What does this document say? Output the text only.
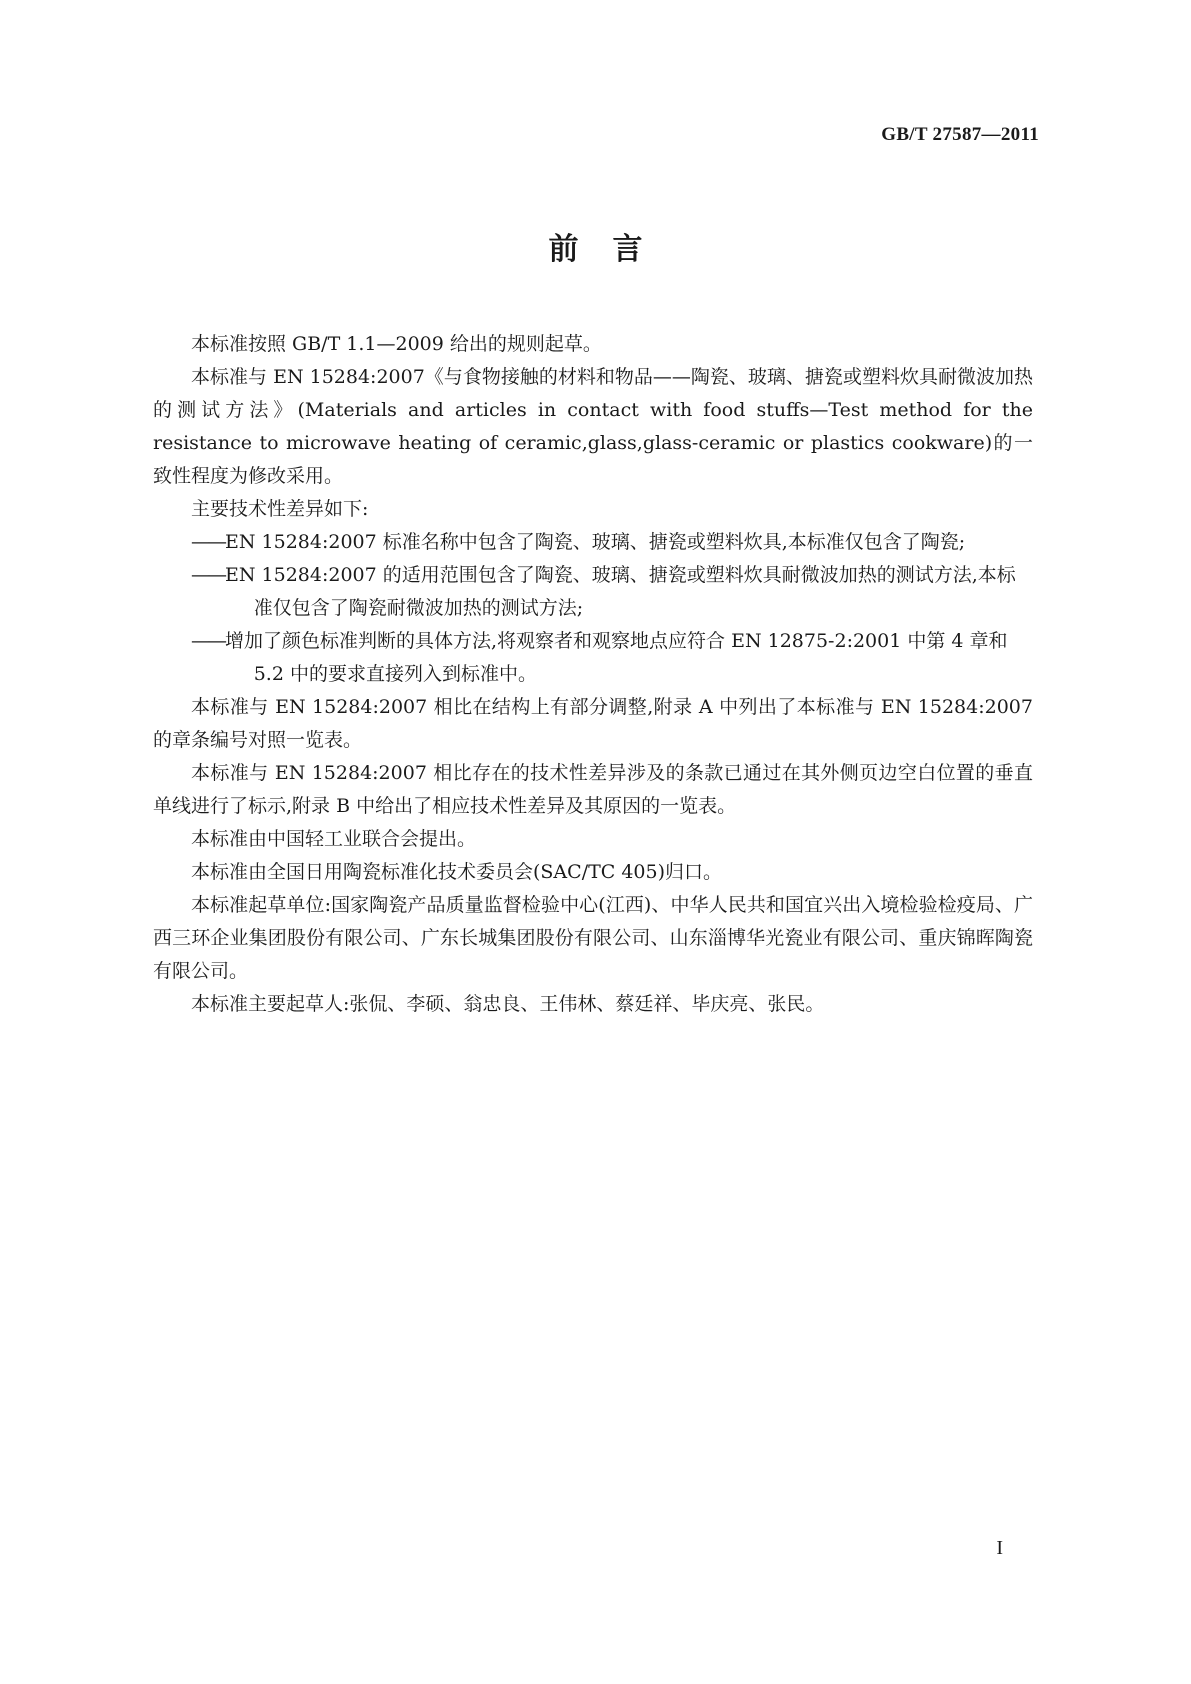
GB/T 27587—2011
前言

本标准按照 GB/T 1.1—2009 给出的规则起草。

本标准与 EN 15284:2007《与食物接触的材料和物品——陶瓷、玻璃、搪瓷或塑料炊具耐微波加热的测试方法》(Materials and articles in contact with food stuffs—Test method for the resistance to microwave heating of ceramic,glass,glass-ceramic or plastics cookware)的一致性程度为修改采用。

主要技术性差异如下:

——EN 15284:2007 标准名称中包含了陶瓷、玻璃、搪瓷或塑料炊具,本标准仅包含了陶瓷;

——EN 15284:2007 的适用范围包含了陶瓷、玻璃、搪瓷或塑料炊具耐微波加热的测试方法,本标
准仅包含了陶瓷耐微波加热的测试方法;

——增加了颜色标准判断的具体方法,将观察者和观察地点应符合 EN 12875-2:2001 中第 4 章和
5.2 中的要求直接列入到标准中。

本标准与 EN 15284:2007 相比在结构上有部分调整,附录 A 中列出了本标准与 EN 15284:2007 的章条编号对照一览表。

本标准与 EN 15284:2007 相比存在的技术性差异涉及的条款已通过在其外侧页边空白位置的垂直单线进行了标示,附录 B 中给出了相应技术性差异及其原因的一览表。

本标准由中国轻工业联合会提出。

本标准由全国日用陶瓷标准化技术委员会(SAC/TC 405)归口。

本标准起草单位:国家陶瓷产品质量监督检验中心(江西)、中华人民共和国宜兴出入境检验检疫局、广西三环企业集团股份有限公司、广东长城集团股份有限公司、山东淄博华光瓷业有限公司、重庆锦晖陶瓷有限公司。

本标准主要起草人:张侃、李硕、翁忠良、王伟林、蔡廷祥、毕庆亮、张民。

I
